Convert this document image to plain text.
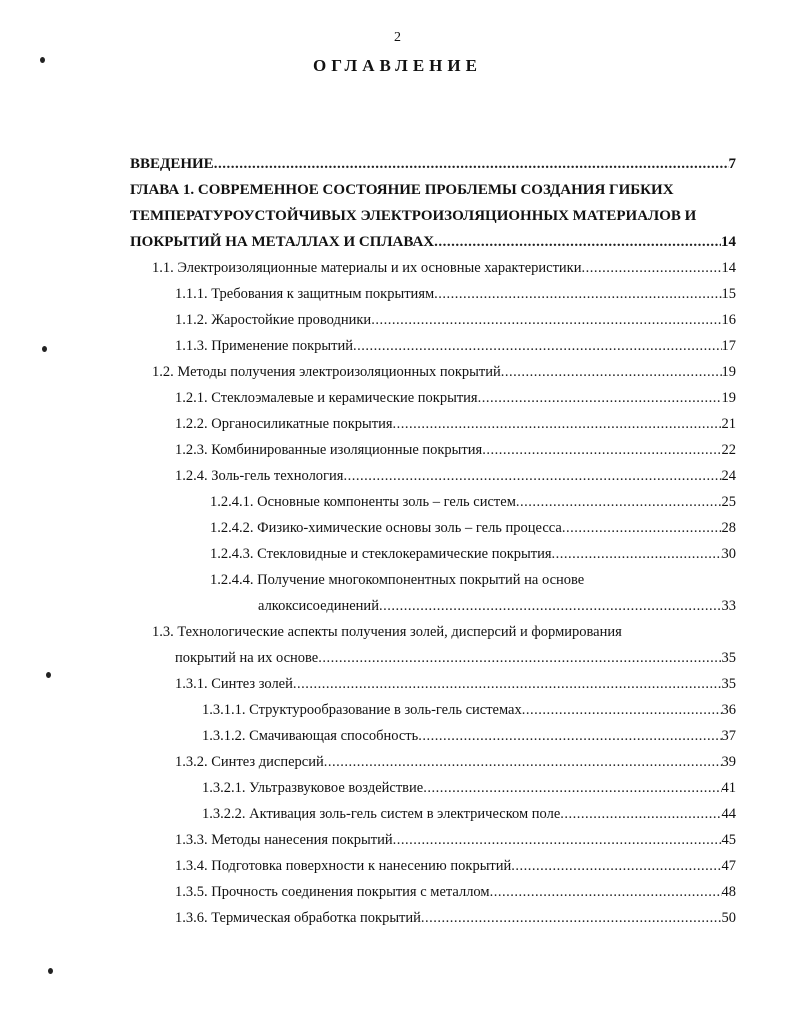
2
ОГЛАВЛЕНИЕ
ВВЕДЕНИЕ .....	7
ГЛАВА 1. СОВРЕМЕННОЕ СОСТОЯНИЕ ПРОБЛЕМЫ СОЗДАНИЯ ГИБКИХ
ТЕМПЕРАТУРОУСТОЙЧИВЫХ ЭЛЕКТРОИЗОЛЯЦИОННЫХ МАТЕРИАЛОВ И
ПОКРЫТИЙ НА МЕТАЛЛАХ И СПЛАВАХ .....	14
1.1. Электроизоляционные материалы и их основные характеристики .....	14
1.1.1. Требования к защитным покрытиям .....	15
1.1.2. Жаростойкие проводники .....	16
1.1.3. Применение покрытий .....	17
1.2. Методы получения электроизоляционных покрытий .....	19
1.2.1. Стеклоэмалевые и керамические покрытия .....	19
1.2.2. Органосиликатные покрытия .....	21
1.2.3. Комбинированные изоляционные покрытия .....	22
1.2.4. Золь-гель технология .....	24
1.2.4.1. Основные компоненты золь – гель систем .....	25
1.2.4.2. Физико-химические основы золь – гель процесса .....	28
1.2.4.3. Стекловидные и стеклокерамические покрытия .....	30
1.2.4.4. Получение многокомпонентных покрытий на основе
алкоксисоединений .....	33
1.3. Технологические аспекты получения золей, дисперсий и формирования
покрытий на их основе .....	35
1.3.1. Синтез золей .....	35
1.3.1.1. Структурообразование в золь-гель системах .....	36
1.3.1.2. Смачивающая способность .....	37
1.3.2. Синтез дисперсий .....	39
1.3.2.1. Ультразвуковое воздействие .....	41
1.3.2.2. Активация золь-гель систем в электрическом поле .....	44
1.3.3. Методы нанесения покрытий .....	45
1.3.4. Подготовка поверхности к нанесению покрытий .....	47
1.3.5. Прочность соединения покрытия с металлом .....	48
1.3.6. Термическая обработка покрытий .....	50
